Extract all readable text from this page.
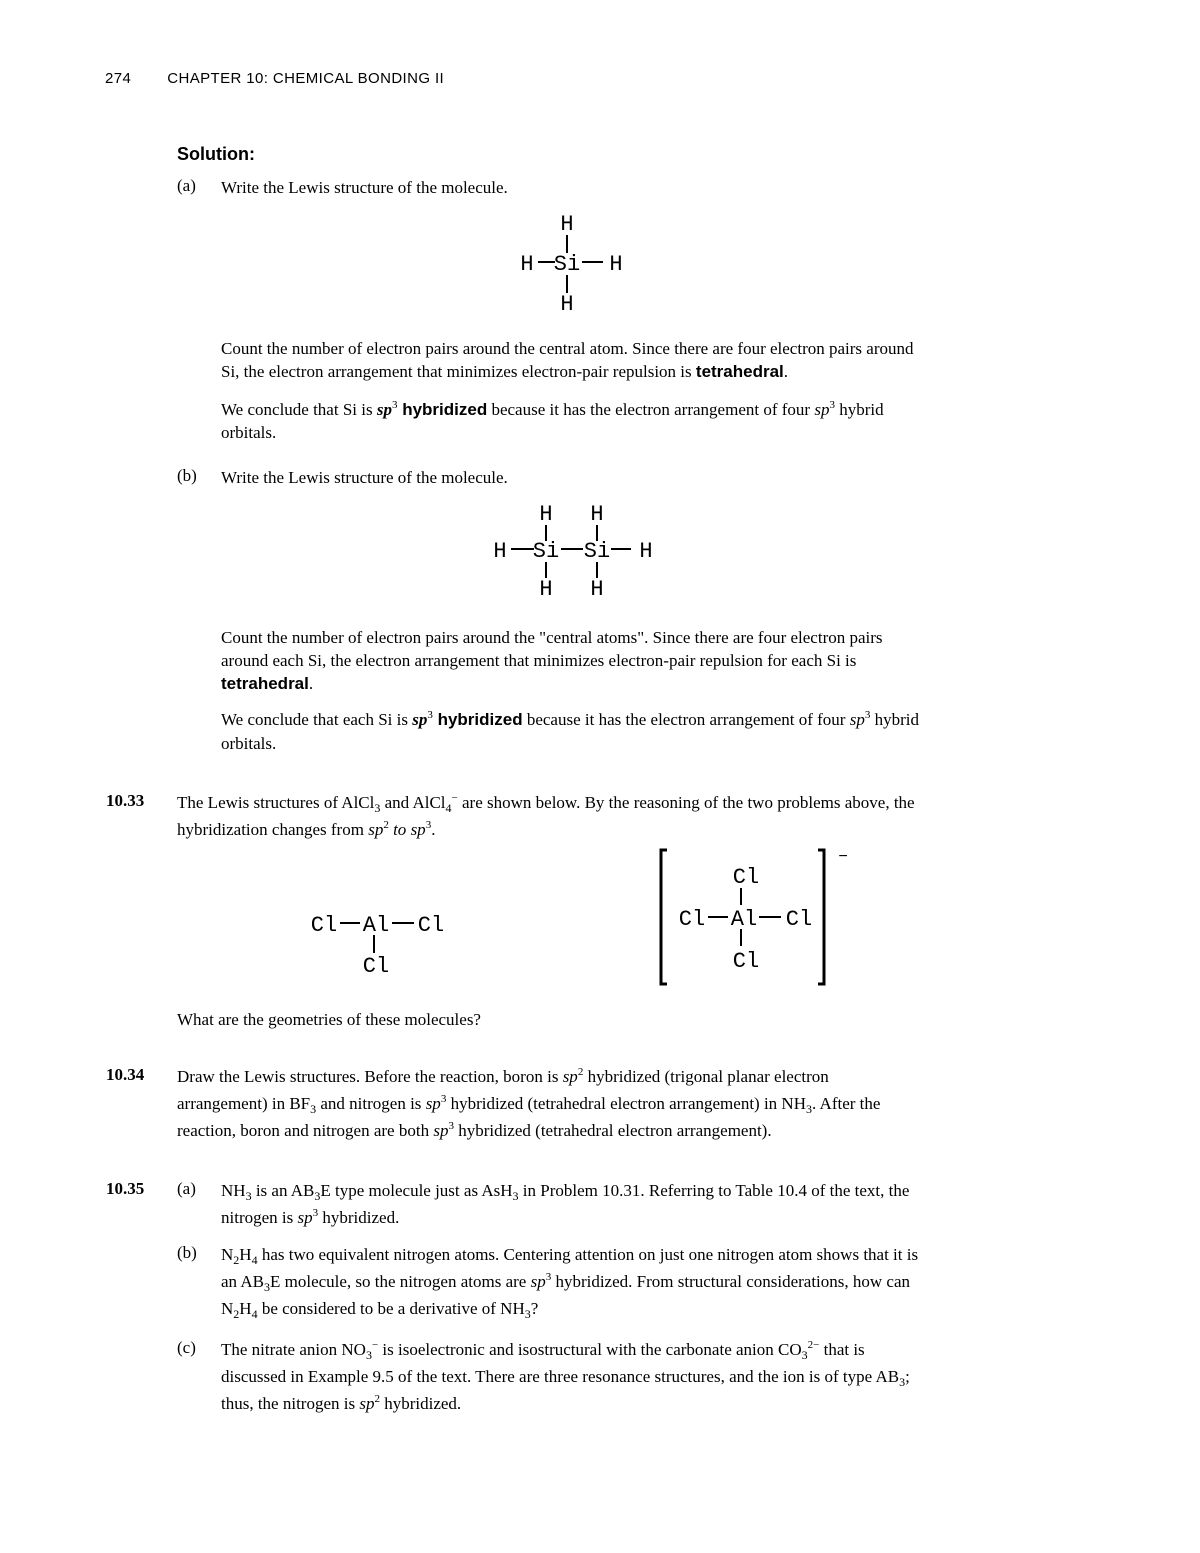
274 CHAPTER 10: CHEMICAL BONDING II
Solution:
(a) Write the Lewis structure of the molecule.
H
H Si H
H
Count the number of electron pairs around the central atom. Since there are four electron pairs around
Si, the electron arrangement that minimizes electron-pair repulsion is tetrahedral.
We conclude that Si is $sp^3$ hybridized because it has the electron arrangement of four $sp^3$ hybrid
orbitals.
(b) Write the Lewis structure of the molecule.
H H
H Si Si H
H H
Count the number of electron pairs around the "central atoms". Since there are four electron pairs
around each Si, the electron arrangement that minimizes electron-pair repulsion for each Si is
tetrahedral.
We conclude that each Si is $sp^3$ hybridized because it has the electron arrangement of four $sp^3$ hybrid
orbitals.
10.33 The Lewis structures of AlCl$_3$ and AlCl$_4$− are shown below. By the reasoning of the two problems above, the
hybridization changes from $sp^2$ to $sp^3$.
Cl Al Cl
Cl
−
Cl
Cl Al Cl
Cl
What are the geometries of these molecules?
10.34 Draw the Lewis structures. Before the reaction, boron is $sp^2$ hybridized (trigonal planar electron
arrangement) in $BF_3$ and nitrogen is $sp^3$ hybridized (tetrahedral electron arrangement) in $NH_3$. After the
reaction, boron and nitrogen are both $sp^3$ hybridized (tetrahedral electron arrangement).
10.35 (a) $NH_3$ is an $AB_3E$ type molecule just as AsH$_3$ in Problem 10.31. Referring to Table 10.4 of the text, the
nitrogen is $sp^3$ hybridized.
(b) $N_2H_4$ has two equivalent nitrogen atoms. Centering attention on just one nitrogen atom shows that it is
an $AB_3E$ molecule, so the nitrogen atoms are $sp^3$ hybridized. From structural considerations, how can
$N_2H_4$ be considered to be a derivative of $NH_3$?
(c) The nitrate anion $NO_3^-$ is isoelectronic and isostructural with the carbonate anion $CO_3^{2-}$ that is
discussed in Example 9.5 of the text. There are three resonance structures, and the ion is of type $AB_3$;
thus, the nitrogen is $sp^2$ hybridized.
